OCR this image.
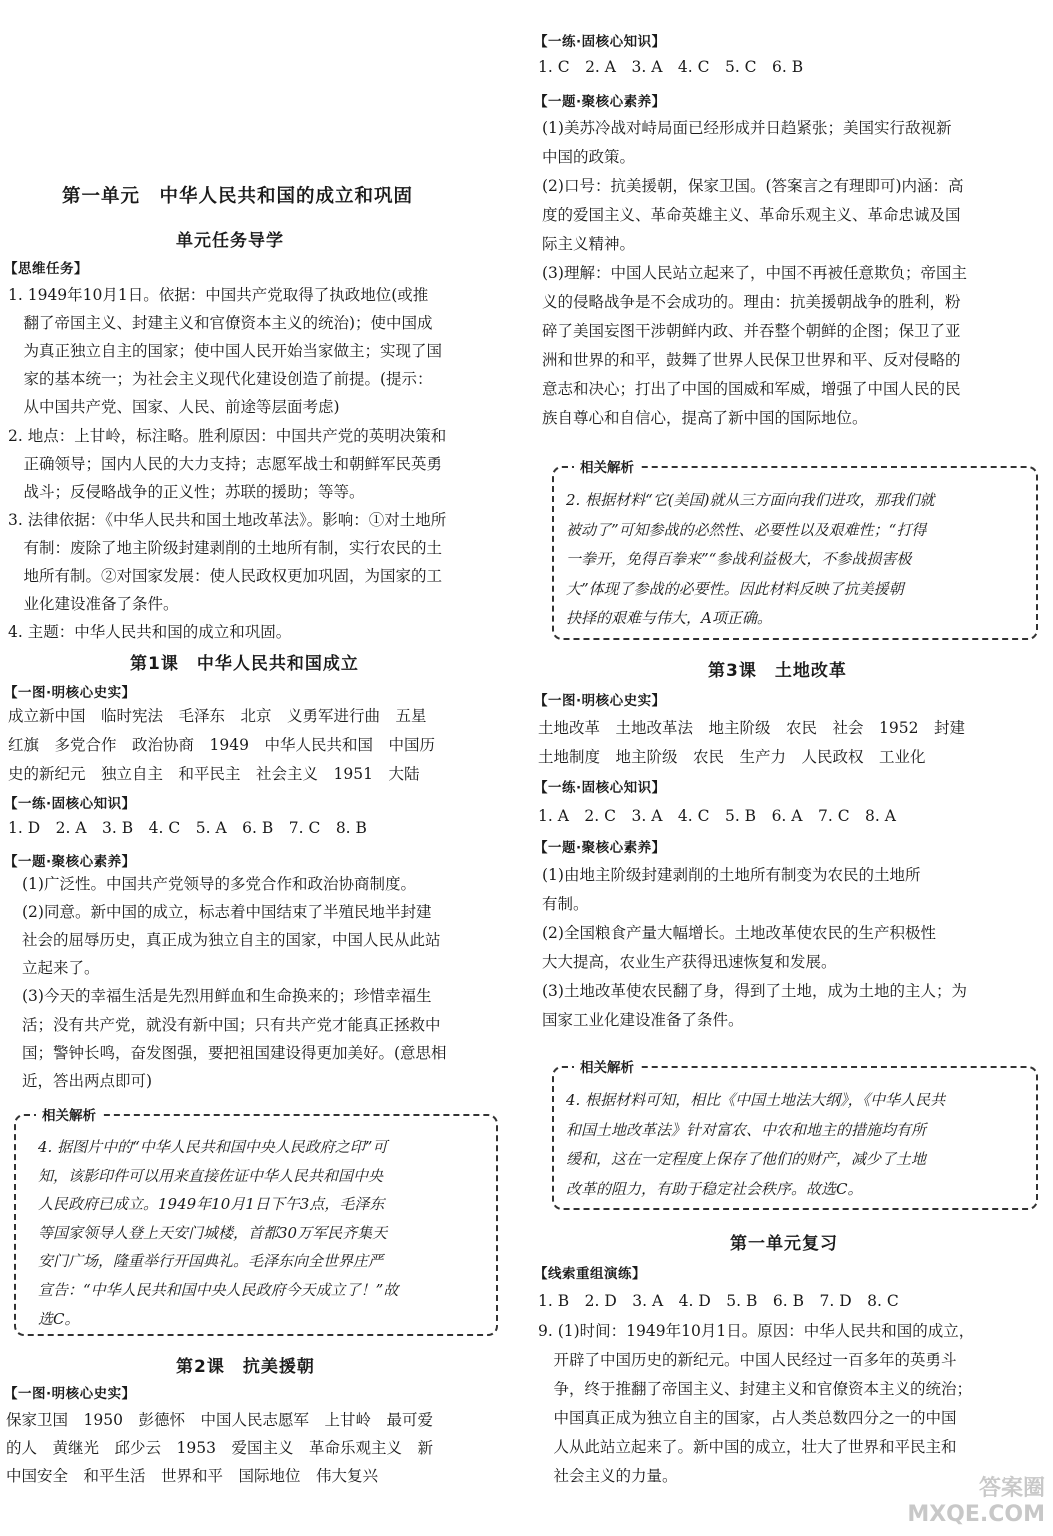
第一单元　中华人民共和国的成立和巩固
单元任务导学
【思维任务】
1. 1949年10月1日。依据：中国共产党取得了执政地位(或推
　翻了帝国主义、封建主义和官僚资本主义的统治)；使中国成
　为真正独立自主的国家；使中国人民开始当家做主；实现了国
　家的基本统一；为社会主义现代化建设创造了前提。(提示：
　从中国共产党、国家、人民、前途等层面考虑)
2. 地点：上甘岭，标注略。胜利原因：中国共产党的英明决策和
　正确领导；国内人民的大力支持；志愿军战士和朝鲜军民英勇
　战斗；反侵略战争的正义性；苏联的援助；等等。
3. 法律依据：《中华人民共和国土地改革法》。影响：①对土地所
　有制：废除了地主阶级封建剥削的土地所有制，实行农民的土
　地所有制。②对国家发展：使人民政权更加巩固，为国家的工
　业化建设准备了条件。
4. 主题：中华人民共和国的成立和巩固。
第1课　中华人民共和国成立
【一图·明核心史实】
成立新中国　临时宪法　毛泽东　北京　义勇军进行曲　五星
红旗　多党合作　政治协商　1949　中华人民共和国　中国历
史的新纪元　独立自主　和平民主　社会主义　1951　大陆
【一练·固核心知识】
1. D　2. A　3. B　4. C　5. A　6. B　7. C　8. B
【一题·聚核心素养】
(1)广泛性。中国共产党领导的多党合作和政治协商制度。
(2)同意。新中国的成立，标志着中国结束了半殖民地半封建
社会的屈辱历史，真正成为独立自主的国家，中国人民从此站
立起来了。
(3)今天的幸福生活是先烈用鲜血和生命换来的；珍惜幸福生
活；没有共产党，就没有新中国；只有共产党才能真正拯救中
国；警钟长鸣，奋发图强，要把祖国建设得更加美好。(意思相
近，答出两点即可)
相关解析
4. 据图片中的“中华人民共和国中央人民政府之印”可
知，该影印件可以用来直接佐证中华人民共和国中央
人民政府已成立。1949年10月1日下午3点，毛泽东
等国家领导人登上天安门城楼，首都30万军民齐集天
安门广场，隆重举行开国典礼。毛泽东向全世界庄严
宣告：“中华人民共和国中央人民政府今天成立了！”故
选C。
第2课　抗美援朝
【一图·明核心史实】
保家卫国　1950　彭德怀　中国人民志愿军　上甘岭　最可爱
的人　黄继光　邱少云　1953　爱国主义　革命乐观主义　新
中国安全　和平生活　世界和平　国际地位　伟大复兴
【一练·固核心知识】
1. C　2. A　3. A　4. C　5. C　6. B
【一题·聚核心素养】
(1)美苏冷战对峙局面已经形成并日趋紧张；美国实行敌视新
中国的政策。
(2)口号：抗美援朝，保家卫国。(答案言之有理即可)内涵：高
度的爱国主义、革命英雄主义、革命乐观主义、革命忠诚及国
际主义精神。
(3)理解：中国人民站立起来了，中国不再被任意欺负；帝国主
义的侵略战争是不会成功的。理由：抗美援朝战争的胜利，粉
碎了美国妄图干涉朝鲜内政、并吞整个朝鲜的企图；保卫了亚
洲和世界的和平，鼓舞了世界人民保卫世界和平、反对侵略的
意志和决心；打出了中国的国威和军威，增强了中国人民的民
族自尊心和自信心，提高了新中国的国际地位。
相关解析
2. 根据材料“它(美国)就从三方面向我们进攻，那我们就
被动了”可知参战的必然性、必要性以及艰难性；“打得
一拳开，免得百拳来”“参战利益极大，不参战损害极
大”体现了参战的必要性。因此材料反映了抗美援朝
抉择的艰难与伟大，A项正确。
第3课　土地改革
【一图·明核心史实】
土地改革　土地改革法　地主阶级　农民　社会　1952　封建
土地制度　地主阶级　农民　生产力　人民政权　工业化
【一练·固核心知识】
1. A　2. C　3. A　4. C　5. B　6. A　7. C　8. A
【一题·聚核心素养】
(1)由地主阶级封建剥削的土地所有制变为农民的土地所
有制。
(2)全国粮食产量大幅增长。土地改革使农民的生产积极性
大大提高，农业生产获得迅速恢复和发展。
(3)土地改革使农民翻了身，得到了土地，成为土地的主人；为
国家工业化建设准备了条件。
相关解析
4. 根据材料可知，相比《中国土地法大纲》，《中华人民共
和国土地改革法》针对富农、中农和地主的措施均有所
缓和，这在一定程度上保存了他们的财产，减少了土地
改革的阻力，有助于稳定社会秩序。故选C。
第一单元复习
【线索重组演练】
1. B　2. D　3. A　4. D　5. B　6. B　7. D　8. C
9. (1)时间：1949年10月1日。原因：中华人民共和国的成立，
　开辟了中国历史的新纪元。中国人民经过一百多年的英勇斗
　争，终于推翻了帝国主义、封建主义和官僚资本主义的统治；
　中国真正成为独立自主的国家，占人类总数四分之一的中国
　人从此站立起来了。新中国的成立，壮大了世界和平民主和
　社会主义的力量。	答案圈
MXQE.COM
